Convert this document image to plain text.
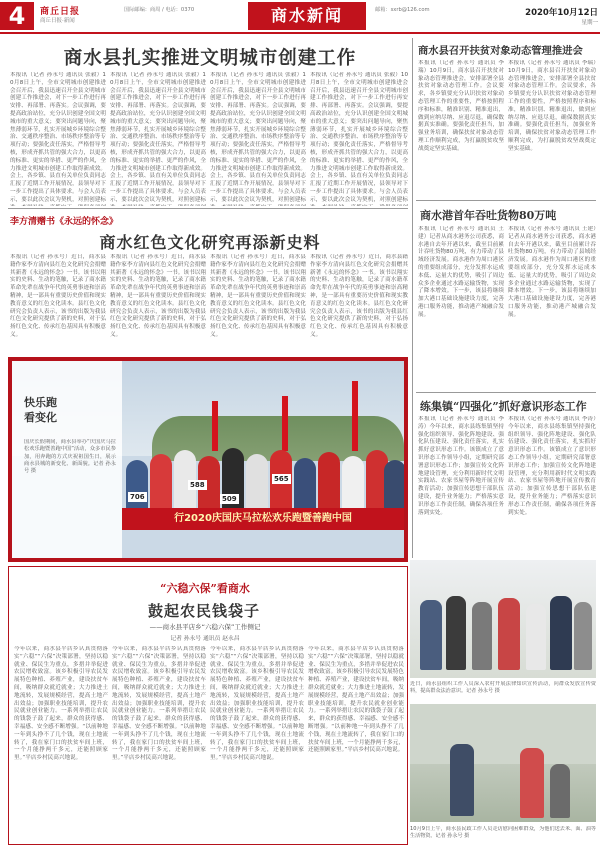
4	商丘日报
商丘日报·新闻
国际邮编：商周 / 电话：0370	商水新闻	邮箱：sxrb@126.com	2020年10月12日
星期一
商水县扎实推进文明城市创建工作
本报讯（记者 孙永号 通讯员 张毅）10月8日上午，全市文明城市创建推进会召开后，我县迅速召开全县文明城市创建工作推进会，对下一步工作进行再安排、再部署、再落实。会议强调，要提高政治站位，充分认识创建全国文明城市的重大意义；要突出问题导向，聚焦薄弱环节，扎实开展城乡环境综合整治、交通秩序整治、市场秩序整治等专项行动；要强化责任落实，严格督导考核，形成齐抓共管的强大合力，以更高的标准、更实的举措、更严的作风，全力推进文明城市创建工作取得新成效。会上，各乡镇、县直有关单位负责同志汇报了近期工作开展情况，县领导对下一步工作提出了具体要求。与会人员表示，要以此次会议为契机，对照创建标
本报讯（记者 孙永号 通讯员 张毅）10月8日上午，全市文明城市创建推进会召开后，我县迅速召开全县文明城市创建工作推进会，对下一步工作进行再安排、再部署、再落实。会议强调，要提高政治站位，充分认识创建全国文明城市的重大意义；要突出问题导向，聚焦薄弱环节，扎实开展城乡环境综合整治、交通秩序整治、市场秩序整治等专项行动；要强化责任落实，严格督导考核，形成齐抓共管的强大合力，以更高的标准、更实的举措、更严的作风，全力推进文明城市创建工作取得新成效。会上，各乡镇、县直有关单位负责同志汇报了近期工作开展情况，县领导对下一步工作提出了具体要求。与会人员表示，要以此次会议为契机，对照创建标
本报讯（记者 孙永号 通讯员 张毅）10月8日上午，全市文明城市创建推进会召开后，我县迅速召开全县文明城市创建工作推进会，对下一步工作进行再安排、再部署、再落实。会议强调，要提高政治站位，充分认识创建全国文明城市的重大意义；要突出问题导向，聚焦薄弱环节，扎实开展城乡环境综合整治、交通秩序整治、市场秩序整治等专项行动；要强化责任落实，严格督导考核，形成齐抓共管的强大合力，以更高的标准、更实的举措、更严的作风，全力推进文明城市创建工作取得新成效。会上，各乡镇、县直有关单位负责同志汇报了近期工作开展情况，县领导对下一步工作提出了具体要求。与会人员表示，要以此次会议为契机，对照创建标
本报讯（记者 孙永号 通讯员 张毅）10月8日上午，全市文明城市创建推进会召开后，我县迅速召开全县文明城市创建工作推进会，对下一步工作进行再安排、再部署、再落实。会议强调，要提高政治站位，充分认识创建全国文明城市的重大意义；要突出问题导向，聚焦薄弱环节，扎实开展城乡环境综合整治、交通秩序整治、市场秩序整治等专项行动；要强化责任落实，严格督导考核，形成齐抓共管的强大合力，以更高的标准、更实的举措、更严的作风，全力推进文明城市创建工作取得新成效。会上，各乡镇、县直有关单位负责同志汇报了近期工作开展情况，县领导对下一步工作提出了具体要求。与会人员表示，要以此次会议为契机，对照创建标
商水县召开扶贫对象动态管理推进会
本报讯（记者 孙永号 通讯员 李瑞）10月9日，商水县召开扶贫对象动态管理推进会，安排部署全县扶贫对象动态管理工作。会议要求，各乡镇要充分认识扶贫对象动态管理工作的重要性，严格按照程序和标准，精准识别、精准退出，做到应纳尽纳、应退尽退，确保数据真实准确。要强化责任担当，加强业务培训，确保扶贫对象动态管理工作顺利完成，为打赢脱贫攻坚战奠定坚实基础。
本报讯（记者 孙永号 通讯员 李瑞）10月9日，商水县召开扶贫对象动态管理推进会，安排部署全县扶贫对象动态管理工作。会议要求，各乡镇要充分认识扶贫对象动态管理工作的重要性，严格按照程序和标准，精准识别、精准退出，做到应纳尽纳、应退尽退，确保数据真实准确。要强化责任担当，加强业务培训，确保扶贫对象动态管理工作顺利完成，为打赢脱贫攻坚战奠定坚实基础。
李方清赠书《永远的怀念》
商水红色文化研究再添新史料
本报讯（记者 孙永号）近日，商水县籍作家李方清向县红色文化研究会捐赠其新著《永远的怀念》一书。该书以翔实的史料、生动的笔触，记录了商水籍革命先辈在战争年代的英勇事迹和崇高精神，是一部具有重要历史价值和现实教育意义的红色文化读本。县红色文化研究会负责人表示，该书的出版为我县红色文化研究提供了新的史料，对于弘扬红色文化、传承红色基因具有积极意义。
本报讯（记者 孙永号）近日，商水县籍作家李方清向县红色文化研究会捐赠其新著《永远的怀念》一书。该书以翔实的史料、生动的笔触，记录了商水籍革命先辈在战争年代的英勇事迹和崇高精神，是一部具有重要历史价值和现实教育意义的红色文化读本。县红色文化研究会负责人表示，该书的出版为我县红色文化研究提供了新的史料，对于弘扬红色文化、传承红色基因具有积极意义。
本报讯（记者 孙永号）近日，商水县籍作家李方清向县红色文化研究会捐赠其新著《永远的怀念》一书。该书以翔实的史料、生动的笔触，记录了商水籍革命先辈在战争年代的英勇事迹和崇高精神，是一部具有重要历史价值和现实教育意义的红色文化读本。县红色文化研究会负责人表示，该书的出版为我县红色文化研究提供了新的史料，对于弘扬红色文化、传承红色基因具有积极意义。
本报讯（记者 孙永号）近日，商水县籍作家李方清向县红色文化研究会捐赠其新著《永远的怀念》一书。该书以翔实的史料、生动的笔触，记录了商水籍革命先辈在战争年代的英勇事迹和崇高精神，是一部具有重要历史价值和现实教育意义的红色文化读本。县红色文化研究会负责人表示，该书的出版为我县红色文化研究提供了新的史料，对于弘扬红色文化、传承红色基因具有积极意义。
商水港首年吞吐货物80万吨
本报讯（记者 孙永号 通讯员 王建）记者从商水港务公司获悉，商水港自去年开港以来，截至目前累计吞吐货物80万吨，有力带动了县域经济发展。商水港作为周口港区的重要组成部分，充分发挥水运成本低、运量大的优势，吸引了周边众多企业通过水路运输货物，实现了降本增效。下一步，该县将继续加大港口基础设施建设力度，完善港口服务功能，推动港产城融合发展。
本报讯（记者 孙永号 通讯员 王建）记者从商水港务公司获悉，商水港自去年开港以来，截至目前累计吞吐货物80万吨，有力带动了县域经济发展。商水港作为周口港区的重要组成部分，充分发挥水运成本低、运量大的优势，吸引了周边众多企业通过水路运输货物，实现了降本增效。下一步，该县将继续加大港口基础设施建设力度，完善港口服务功能，推动港产城融合发展。
练集镇“四强化”抓好意识形态工作
本报讯（记者 孙永号 通讯员 李涛）今年以来，商水县练集镇坚持强化组织领导、强化阵地建设、强化队伍建设、强化责任落实，扎实抓好意识形态工作。该镇成立了意识形态工作领导小组，定期研究部署意识形态工作；加强宣传文化阵地建设管理，充分利用新时代文明实践站、农家书屋等阵地开展宣传教育活动；加强宣传思想干部队伍建设，提升业务能力；严格落实意识形态工作责任制，确保各项任务落到实处。
本报讯（记者 孙永号 通讯员 李涛）今年以来，商水县练集镇坚持强化组织领导、强化阵地建设、强化队伍建设、强化责任落实，扎实抓好意识形态工作。该镇成立了意识形态工作领导小组，定期研究部署意识形态工作；加强宣传文化阵地建设管理，充分利用新时代文明实践站、农家书屋等阵地开展宣传教育活动；加强宣传思想干部队伍建设，提升业务能力；严格落实意识形态工作责任制，确保各项任务落到实处。
588
565
509
706
行2020庆国庆马拉松欢乐跑暨善跑中国
快乐跑
看变化
国庆长假期间，商水县举办“庆国庆马拉松欢乐跑暨善跑中国”活动，众多市民参加，用奔跑的方式庆祝祖国生日，展示商水县城的新变化、新面貌。记者 孙永号 摄
“六稳六保”看商水
鼓起农民钱袋子
——商水县平店乡“六稳六保”工作侧记
记者 孙永号 通讯员 赵永昌
今年以来，商水县平店乡认真贯彻落实“六稳”“六保”决策部署，坚持以稳就业、保民生为重点，多措并举促进农民增收致富。该乡积极引导农民发展特色种植、养殖产业，建设扶贫车间，吸纳群众就近就业；大力推进土地流转，发展规模经营，提高土地产出效益；加强职业技能培训，提升农民就业创业能力。一系列举措让农民的钱袋子鼓了起来，群众的获得感、幸福感、安全感不断增强。“以前种地一年到头挣不了几个钱，现在土地流转了，我在家门口的扶贫车间上班，一个月能挣两千多元，还能照顾家里。”平店乡村民高兴地说。
今年以来，商水县平店乡认真贯彻落实“六稳”“六保”决策部署，坚持以稳就业、保民生为重点，多措并举促进农民增收致富。该乡积极引导农民发展特色种植、养殖产业，建设扶贫车间，吸纳群众就近就业；大力推进土地流转，发展规模经营，提高土地产出效益；加强职业技能培训，提升农民就业创业能力。一系列举措让农民的钱袋子鼓了起来，群众的获得感、幸福感、安全感不断增强。“以前种地一年到头挣不了几个钱，现在土地流转了，我在家门口的扶贫车间上班，一个月能挣两千多元，还能照顾家里。”平店乡村民高兴地说。
今年以来，商水县平店乡认真贯彻落实“六稳”“六保”决策部署，坚持以稳就业、保民生为重点，多措并举促进农民增收致富。该乡积极引导农民发展特色种植、养殖产业，建设扶贫车间，吸纳群众就近就业；大力推进土地流转，发展规模经营，提高土地产出效益；加强职业技能培训，提升农民就业创业能力。一系列举措让农民的钱袋子鼓了起来，群众的获得感、幸福感、安全感不断增强。“以前种地一年到头挣不了几个钱，现在土地流转了，我在家门口的扶贫车间上班，一个月能挣两千多元，还能照顾家里。”平店乡村民高兴地说。
今年以来，商水县平店乡认真贯彻落实“六稳”“六保”决策部署，坚持以稳就业、保民生为重点，多措并举促进农民增收致富。该乡积极引导农民发展特色种植、养殖产业，建设扶贫车间，吸纳群众就近就业；大力推进土地流转，发展规模经营，提高土地产出效益；加强职业技能培训，提升农民就业创业能力。一系列举措让农民的钱袋子鼓了起来，群众的获得感、幸福感、安全感不断增强。“以前种地一年到头挣不了几个钱，现在土地流转了，我在家门口的扶贫车间上班，一个月能挣两千多元，还能照顾家里。”平店乡村民高兴地说。
近日，商水县组织工作人员深入农村开展法律知识宣传活动，向群众发放宣传资料，提高群众法治意识。记者 孙永号 摄
10月9日上午，商水县民政工作人员走访慰问困难群众，为他们送去米、面、油等生活物资。记者 孙永号 摄
